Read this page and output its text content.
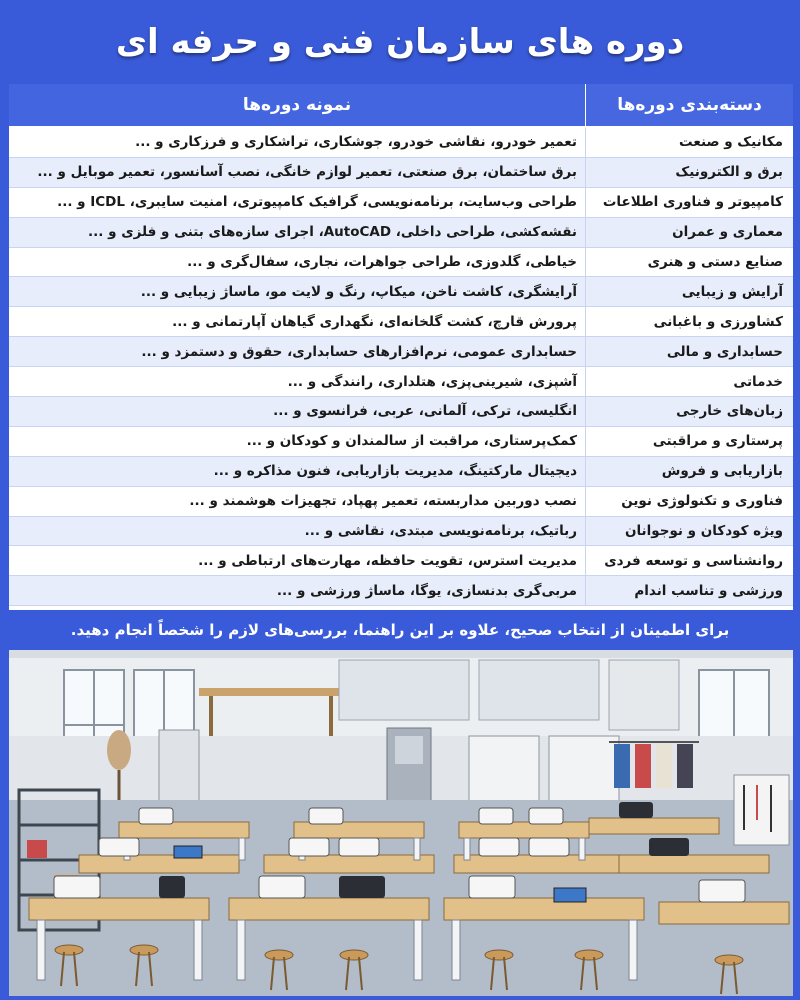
دوره های سازمان فنی و حرفه ای
دسته‌بندی دوره‌ها
نمونه دوره‌ها
مکانیک و صنعت
تعمیر خودرو، نقاشی خودرو، جوشکاری، تراشکاری و فرزکاری و ...
برق و الکترونیک
برق ساختمان، برق صنعتی، تعمیر لوازم خانگی، نصب آسانسور، تعمیر موبایل و ...
کامپیوتر و فناوری اطلاعات
طراحی وب‌سایت، برنامه‌نویسی، گرافیک کامپیوتری، امنیت سایبری، ICDL و ...
معماری و عمران
نقشه‌کشی، طراحی داخلی، AutoCAD، اجرای سازه‌های بتنی و فلزی و ...
صنایع دستی و هنری
خیاطی، گلدوزی، طراحی جواهرات، نجاری، سفال‌گری و ...
آرایش و زیبایی
آرایشگری، کاشت ناخن، میکاپ، رنگ و لایت مو، ماساژ زیبایی و ...
کشاورزی و باغبانی
پرورش قارچ، کشت گلخانه‌ای، نگهداری گیاهان آپارتمانی و ...
حسابداری و مالی
حسابداری عمومی، نرم‌افزارهای حسابداری، حقوق و دستمزد و ...
خدماتی
آشپزی، شیرینی‌پزی، هتلداری، رانندگی و ...
زبان‌های خارجی
انگلیسی، ترکی، آلمانی، عربی، فرانسوی و ...
پرستاری و مراقبتی
کمک‌پرستاری، مراقبت از سالمندان و کودکان و ...
بازاریابی و فروش
دیجیتال مارکتینگ، مدیریت بازاریابی، فنون مذاکره و ...
فناوری و تکنولوژی نوین
نصب دوربین مداربسته، تعمیر پهپاد، تجهیزات هوشمند و ...
ویژه کودکان و نوجوانان
رباتیک، برنامه‌نویسی مبتدی، نقاشی و ...
روانشناسی و توسعه فردی
مدیریت استرس، تقویت حافظه، مهارت‌های ارتباطی و ...
ورزشی و تناسب اندام
مربی‌گری بدنسازی، یوگا، ماساژ ورزشی و ...
برای اطمینان از انتخاب صحیح، علاوه بر این راهنما، بررسی‌های لازم را شخصاً انجام دهید.
